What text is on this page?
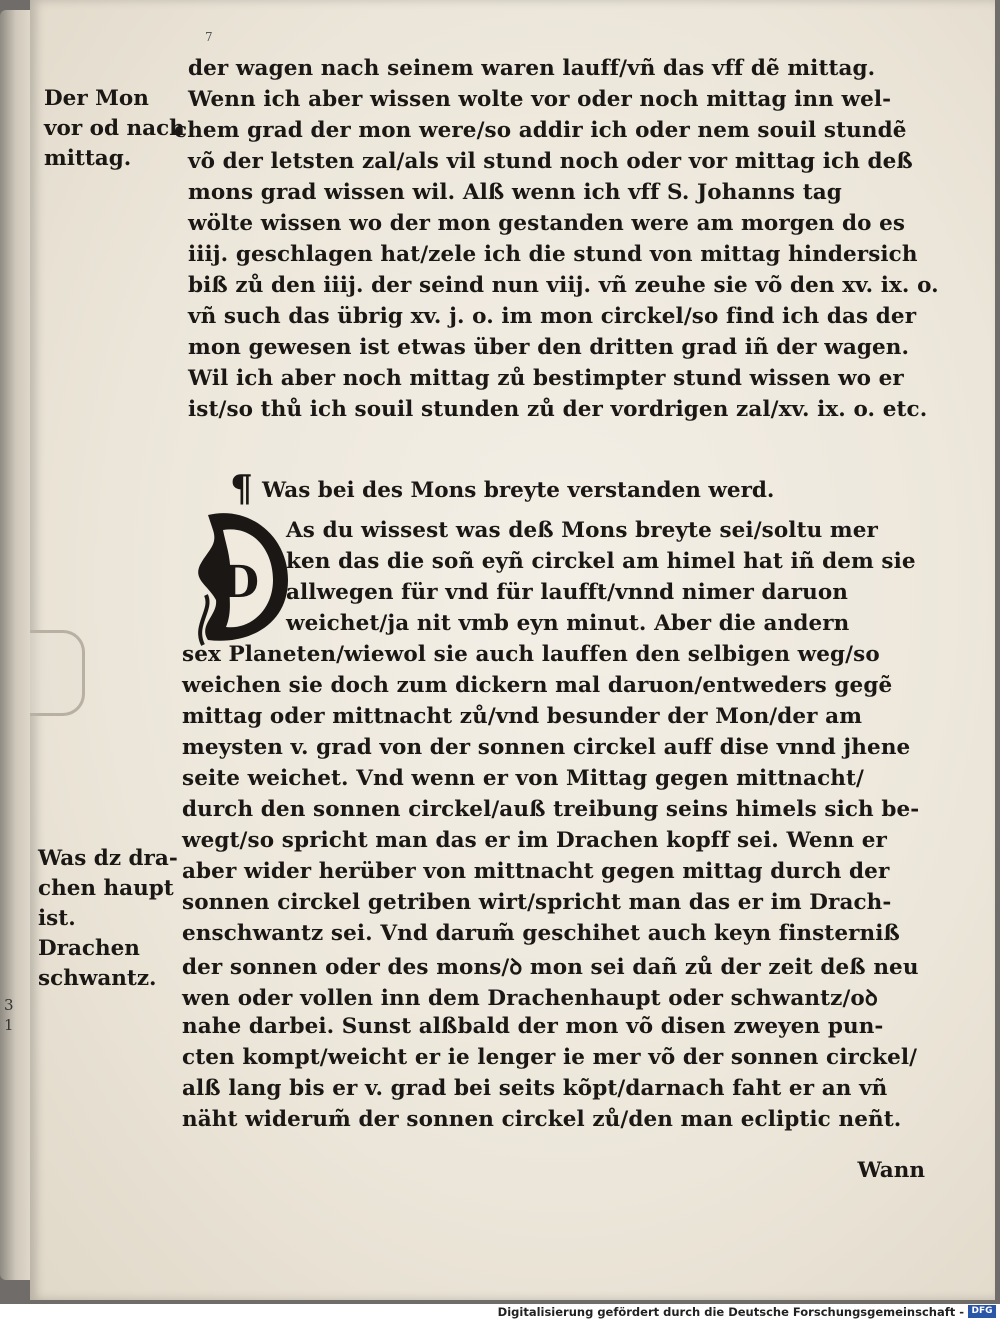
7
Der Mon
vor od nach
mittag.
Was dz dra-
chen haupt
ist.
Drachen
schwantz.
der wagen nach seinem waren lauff/vñ das vff dẽ mittag.
Wenn ich aber wissen wolte vor oder noch mittag inn wel-
chem grad der mon were/so addir ich oder nem souil stundẽ
võ der letsten zal/als vil stund noch oder vor mittag ich deß
mons grad wissen wil. Alß wenn ich vff S. Johanns tag
wölte wissen wo der mon gestanden were am morgen do es
iiij. geschlagen hat/zele ich die stund von mittag hindersich
biß zů den iiij. der seind nun viij. vñ zeuhe sie võ den xv. ix. o.
vñ such das übrig xv. j. o. im mon circkel/so find ich das der
mon gewesen ist etwas über den dritten grad iñ der wagen.
Wil ich aber noch mittag zů bestimpter stund wissen wo er
ist/so thů ich souil stunden zů der vordrigen zal/xv. ix. o. etc.
¶ Was bei des Mons breyte verstanden werd.
D
As du wissest was deß Mons breyte sei/soltu mer
ken das die soñ eyñ circkel am himel hat iñ dem sie
allwegen für vnd für laufft/vnnd nimer daruon
weichet/ja nit vmb eyn minut. Aber die andern
sex Planeten/wiewol sie auch lauffen den selbigen weg/so
weichen sie doch zum dickern mal daruon/entweders gegẽ
mittag oder mittnacht zů/vnd besunder der Mon/der am
meysten v. grad von der sonnen circkel auff dise vnnd jhene
seite weichet. Vnd wenn er von Mittag gegen mittnacht/
durch den sonnen circkel/auß treibung seins himels sich be-
wegt/so spricht man das er im Drachen kopff sei. Wenn er
aber wider herüber von mittnacht gegen mittag durch der
sonnen circkel getriben wirt/spricht man das er im Drach-
enschwantz sei. Vnd darum̃ geschihet auch keyn finsterniß
der sonnen oder des mons/ꝺ mon sei dañ zů der zeit deß neu
wen oder vollen inn dem Drachenhaupt oder schwantz/oꝺ
nahe darbei. Sunst alßbald der mon võ disen zweyen pun-
cten kompt/weicht er ie lenger ie mer võ der sonnen circkel/
alß lang bis er v. grad bei seits kõpt/darnach faht er an vñ
näht widerum̃ der sonnen circkel zů/den man ecliptic neñt.
Wann
3
1
Digitalisierung gefördert durch die Deutsche Forschungsgemeinschaft - DFG
